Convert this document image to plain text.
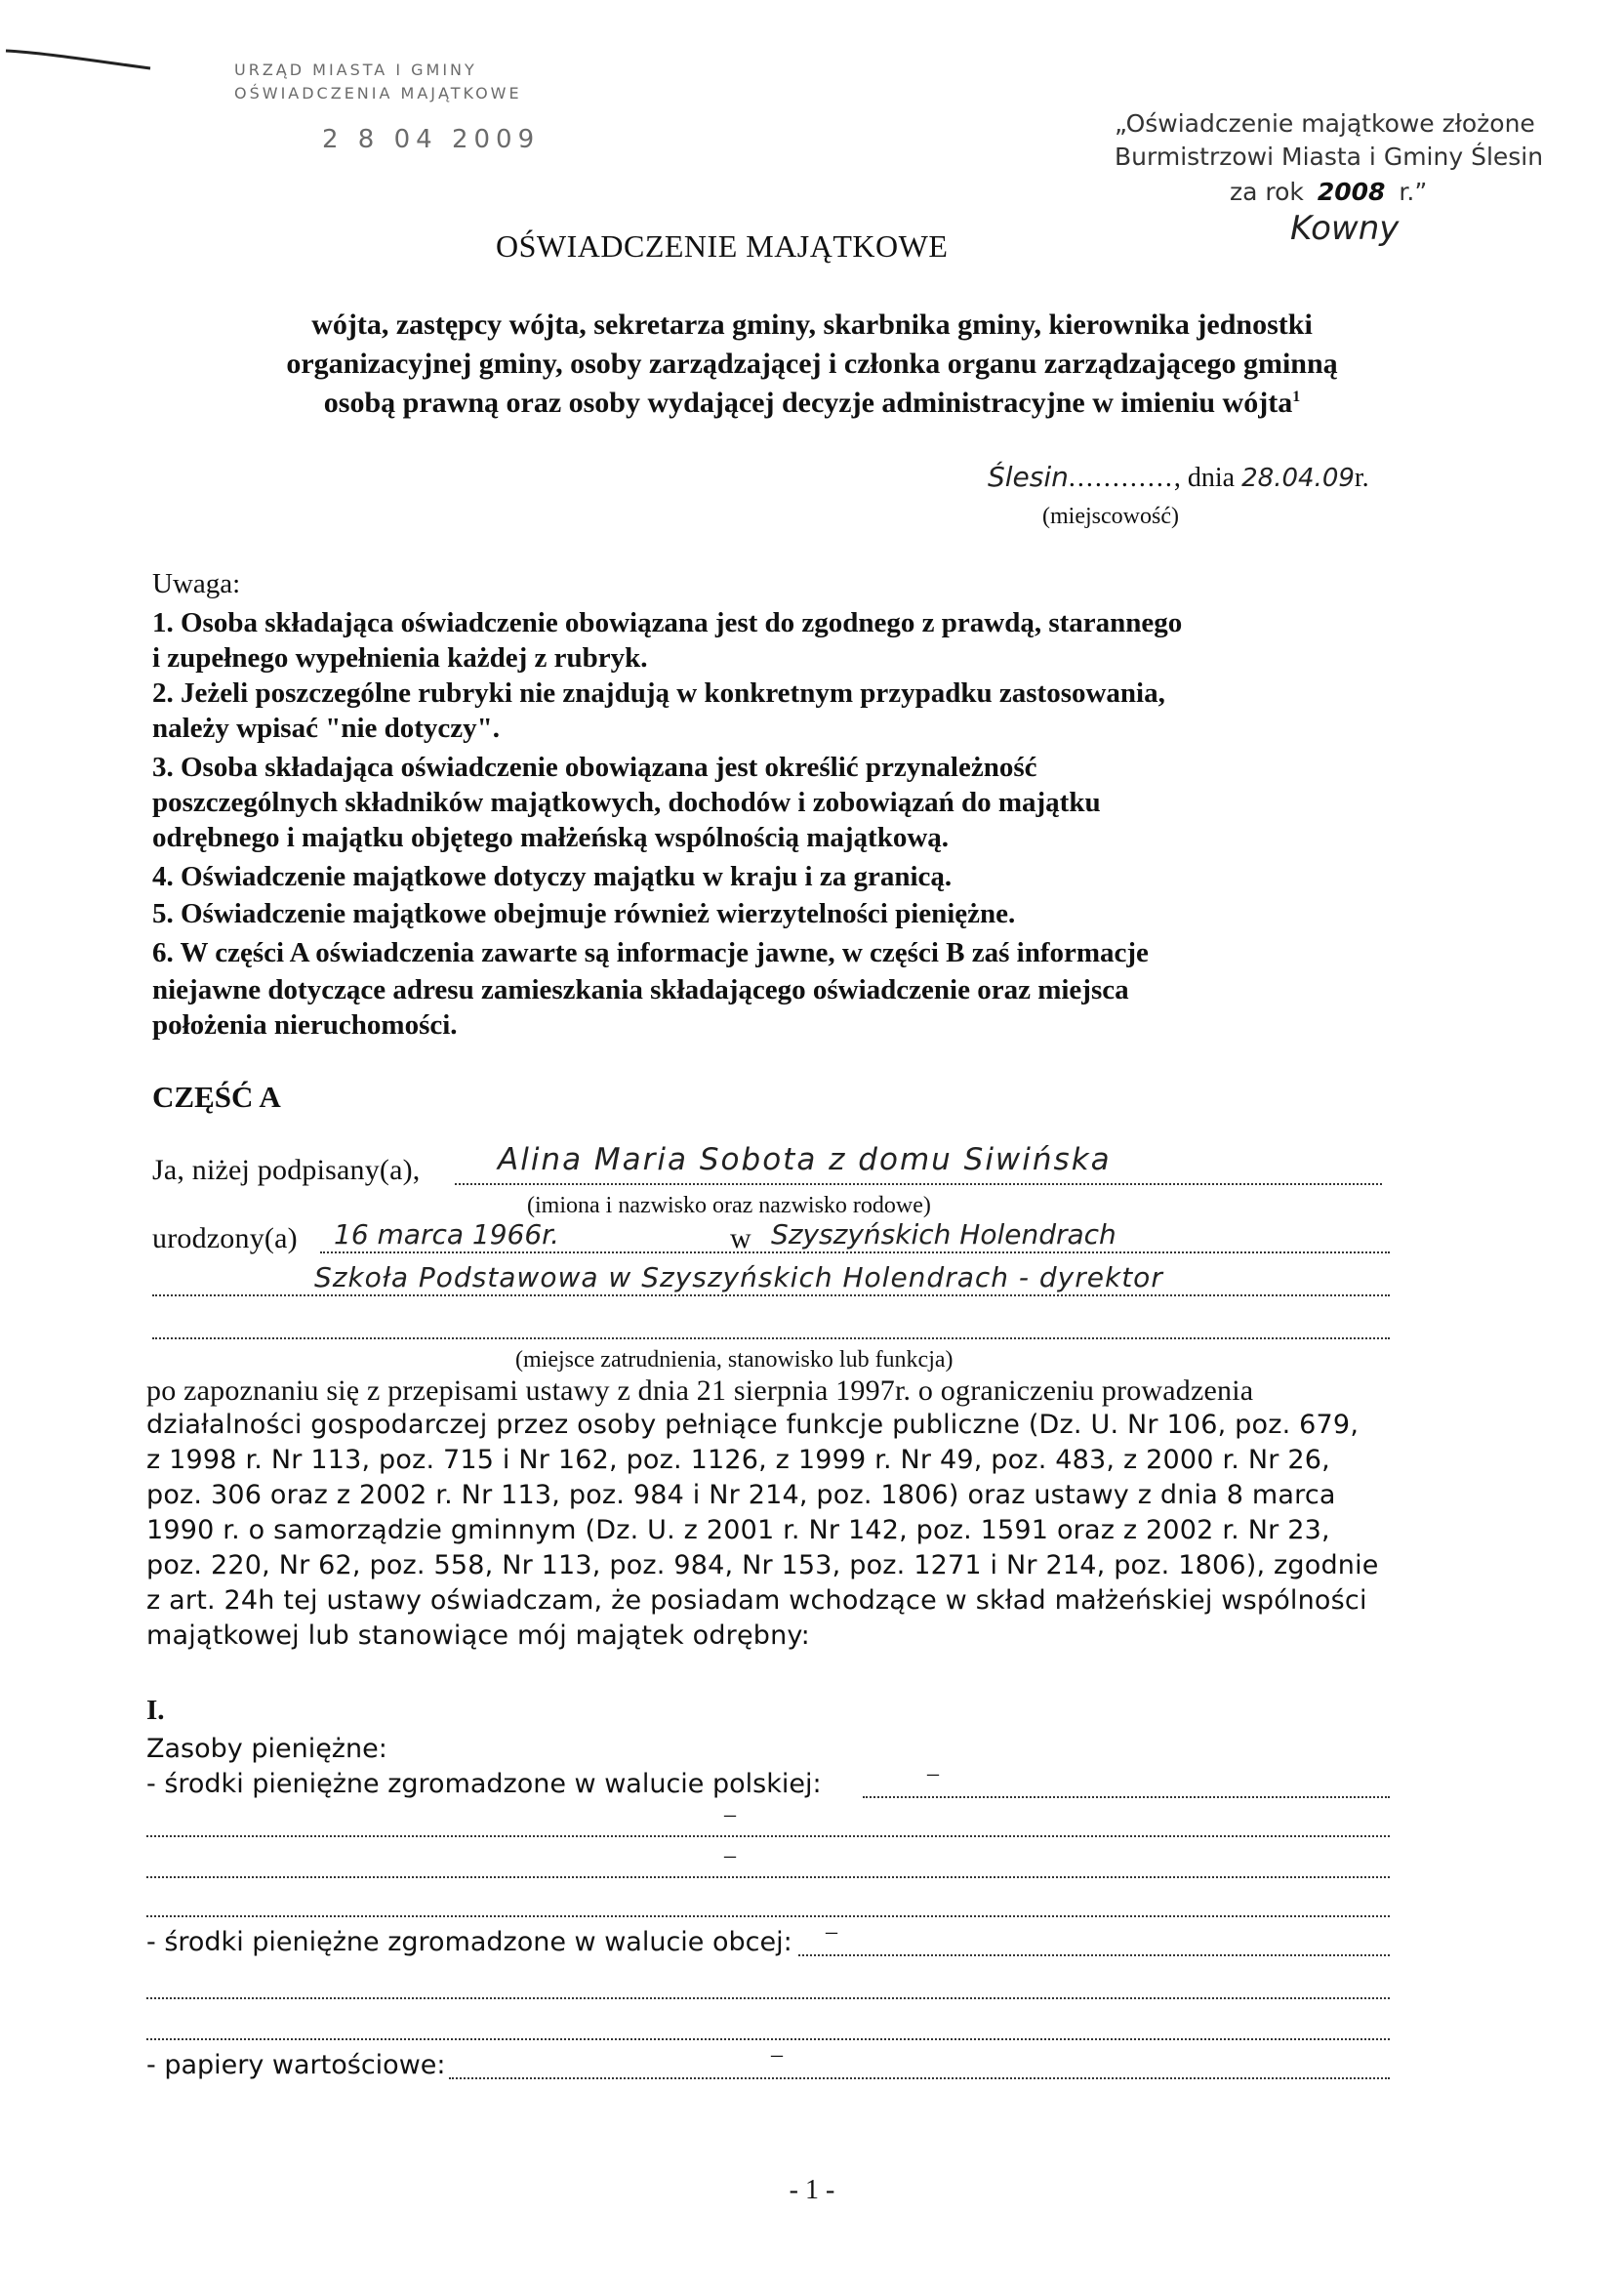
URZĄD MIASTA I GMINY
OŚWIADCZENIA MAJĄTKOWE
2 8 04 2009
„Oświadczenie majątkowe złożone
Burmistrzowi Miasta i Gminy Ślesin
za rok 2008 r.”
Kowny
OŚWIADCZENIE MAJĄTKOWE
wójta, zastępcy wójta, sekretarza gminy, skarbnika gminy, kierownika jednostki
organizacyjnej gminy, osoby zarządzającej i członka organu zarządzającego gminną
osobą prawną oraz osoby wydającej decyzje administracyjne w imieniu wójta$^1$
Ślesin............, dnia 28.04.09r.
(miejscowość)
Uwaga:
1. Osoba składająca oświadczenie obowiązana jest do zgodnego z prawdą, starannego
i zupełnego wypełnienia każdej z rubryk.
2. Jeżeli poszczególne rubryki nie znajdują w konkretnym przypadku zastosowania,
należy wpisać "nie dotyczy".
3. Osoba składająca oświadczenie obowiązana jest określić przynależność
poszczególnych składników majątkowych, dochodów i zobowiązań do majątku
odrębnego i majątku objętego małżeńską wspólnością majątkową.
4. Oświadczenie majątkowe dotyczy majątku w kraju i za granicą.
5. Oświadczenie majątkowe obejmuje również wierzytelności pieniężne.
6. W części A oświadczenia zawarte są informacje jawne, w części B zaś informacje
niejawne dotyczące adresu zamieszkania składającego oświadczenie oraz miejsca
położenia nieruchomości.
CZĘŚĆ A
Ja, niżej podpisany(a),	Alina Maria Sobota z domu Siwińska
(imiona i nazwisko oraz nazwisko rodowe)
urodzony(a) 16 marca 1966r.	w Szyszyńskich Holendrach
Szkoła Podstawowa w Szyszyńskich Holendrach - dyrektor
(miejsce zatrudnienia, stanowisko lub funkcja)
po zapoznaniu się z przepisami ustawy z dnia 21 sierpnia 1997r. o ograniczeniu prowadzenia
działalności gospodarczej przez osoby pełniące funkcje publiczne (Dz. U. Nr 106, poz. 679,
z 1998 r. Nr 113, poz. 715 i Nr 162, poz. 1126, z 1999 r. Nr 49, poz. 483, z 2000 r. Nr 26,
poz. 306 oraz z 2002 r. Nr 113, poz. 984 i Nr 214, poz. 1806) oraz ustawy z dnia 8 marca
1990 r. o samorządzie gminnym (Dz. U. z 2001 r. Nr 142, poz. 1591 oraz z 2002 r. Nr 23,
poz. 220, Nr 62, poz. 558, Nr 113, poz. 984, Nr 153, poz. 1271 i Nr 214, poz. 1806), zgodnie
z art. 24h tej ustawy oświadczam, że posiadam wchodzące w skład małżeńskiej wspólności
majątkowej lub stanowiące mój majątek odrębny:
I.
Zasoby pieniężne:
- środki pieniężne zgromadzone w walucie polskiej:	–
–
–
- środki pieniężne zgromadzone w walucie obcej: –
- papiery wartościowe:	–
- 1 -
